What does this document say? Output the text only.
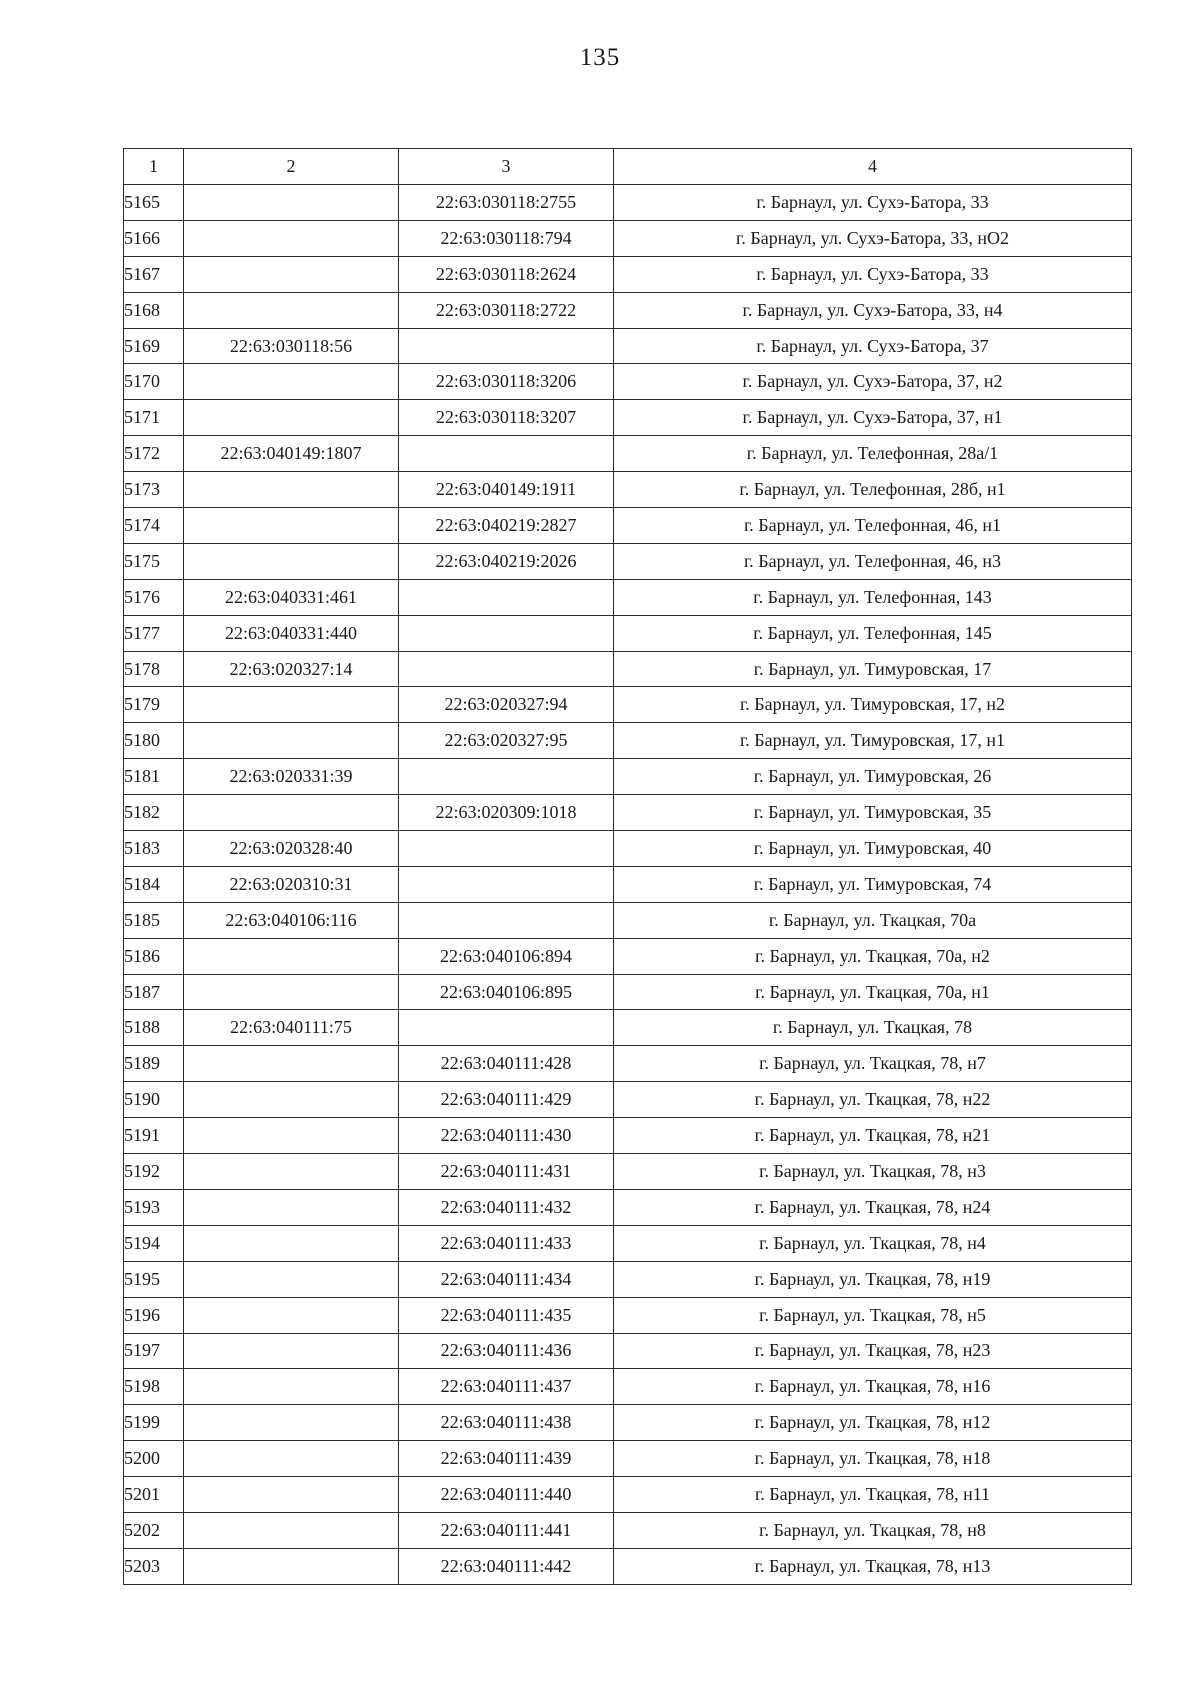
135
1	2	3	4
5165		22:63:030118:2755	г. Барнаул, ул. Сухэ-Батора, 33
5166		22:63:030118:794	г. Барнаул, ул. Сухэ-Батора, 33, нО2
5167		22:63:030118:2624	г. Барнаул, ул. Сухэ-Батора, 33
5168		22:63:030118:2722	г. Барнаул, ул. Сухэ-Батора, 33, н4
5169	22:63:030118:56		г. Барнаул, ул. Сухэ-Батора, 37
5170		22:63:030118:3206	г. Барнаул, ул. Сухэ-Батора, 37, н2
5171		22:63:030118:3207	г. Барнаул, ул. Сухэ-Батора, 37, н1
5172	22:63:040149:1807		г. Барнаул, ул. Телефонная, 28а/1
5173		22:63:040149:1911	г. Барнаул, ул. Телефонная, 28б, н1
5174		22:63:040219:2827	г. Барнаул, ул. Телефонная, 46, н1
5175		22:63:040219:2026	г. Барнаул, ул. Телефонная, 46, н3
5176	22:63:040331:461		г. Барнаул, ул. Телефонная, 143
5177	22:63:040331:440		г. Барнаул, ул. Телефонная, 145
5178	22:63:020327:14		г. Барнаул, ул. Тимуровская, 17
5179		22:63:020327:94	г. Барнаул, ул. Тимуровская, 17, н2
5180		22:63:020327:95	г. Барнаул, ул. Тимуровская, 17, н1
5181	22:63:020331:39		г. Барнаул, ул. Тимуровская, 26
5182		22:63:020309:1018	г. Барнаул, ул. Тимуровская, 35
5183	22:63:020328:40		г. Барнаул, ул. Тимуровская, 40
5184	22:63:020310:31		г. Барнаул, ул. Тимуровская, 74
5185	22:63:040106:116		г. Барнаул, ул. Ткацкая, 70а
5186		22:63:040106:894	г. Барнаул, ул. Ткацкая, 70а, н2
5187		22:63:040106:895	г. Барнаул, ул. Ткацкая, 70а, н1
5188	22:63:040111:75		г. Барнаул, ул. Ткацкая, 78
5189		22:63:040111:428	г. Барнаул, ул. Ткацкая, 78, н7
5190		22:63:040111:429	г. Барнаул, ул. Ткацкая, 78, н22
5191		22:63:040111:430	г. Барнаул, ул. Ткацкая, 78, н21
5192		22:63:040111:431	г. Барнаул, ул. Ткацкая, 78, н3
5193		22:63:040111:432	г. Барнаул, ул. Ткацкая, 78, н24
5194		22:63:040111:433	г. Барнаул, ул. Ткацкая, 78, н4
5195		22:63:040111:434	г. Барнаул, ул. Ткацкая, 78, н19
5196		22:63:040111:435	г. Барнаул, ул. Ткацкая, 78, н5
5197		22:63:040111:436	г. Барнаул, ул. Ткацкая, 78, н23
5198		22:63:040111:437	г. Барнаул, ул. Ткацкая, 78, н16
5199		22:63:040111:438	г. Барнаул, ул. Ткацкая, 78, н12
5200		22:63:040111:439	г. Барнаул, ул. Ткацкая, 78, н18
5201		22:63:040111:440	г. Барнаул, ул. Ткацкая, 78, н11
5202		22:63:040111:441	г. Барнаул, ул. Ткацкая, 78, н8
5203		22:63:040111:442	г. Барнаул, ул. Ткацкая, 78, н13
